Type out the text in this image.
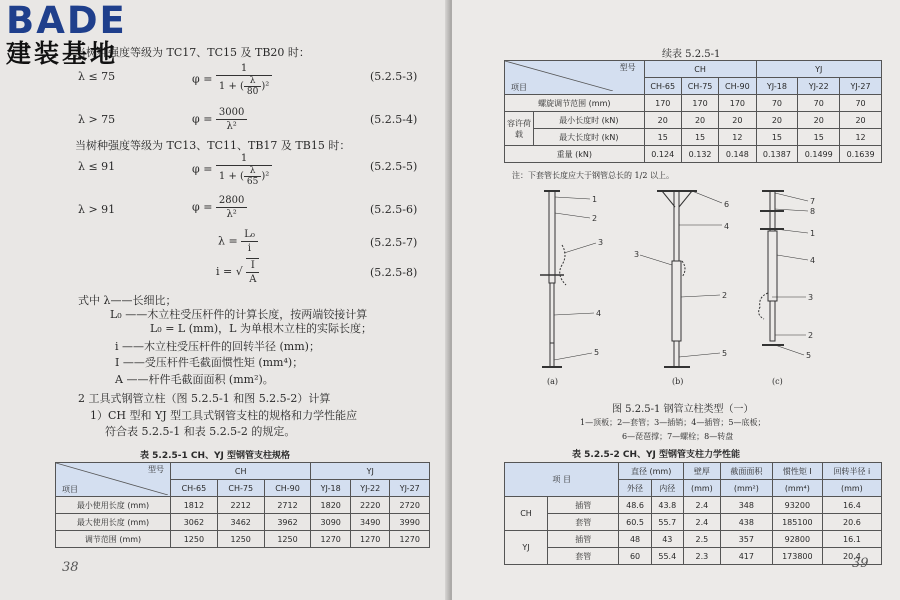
当树种强度等级为 TC17、TC15 及 TB20 时：
λ ≤ 75	$\varphi = \frac{1}{1 + ( \frac{\lambda}{80} )^2}$	(5.2.5-3)
λ > 75	$\varphi = \frac{3000}{\text{λ²}}$	(5.2.5-4)
当树种强度等级为 TC13、TC11、TB17 及 TB15 时：
λ ≤ 91	$\varphi = \frac{1}{1 + ( \frac{\lambda}{65} )^2}$	(5.2.5-5)
λ > 91	$\varphi = \frac{2800}{\text{λ²}}$	(5.2.5-6)
$\lambda = \frac{\text{L₀}}{i}$	(5.2.5-7)
i = √ $\frac{I}{A}$	(5.2.5-8)
式中 λ——长细比；
L₀ ——木立柱受压杆件的计算长度，按两端铰接计算
L₀ = L (mm)，L 为单根木立柱的实际长度；
i ——木立柱受压杆件的回转半径 (mm)；
I ——受压杆件毛截面惯性矩 (mm⁴)；
A ——杆件毛截面面积 (mm²)。
2 工具式钢管立柱（图 5.2.5-1 和图 5.2.5-2）计算
1）CH 型和 YJ 型工具式钢管支柱的规格和力学性能应
符合表 5.2.5-1 和表 5.2.5-2 的规定。
表 5.2.5-1 CH、YJ 型钢管支柱规格
型号
项目	CH			YJ		
	CH-65	CH-75	CH-90	YJ-18	YJ-22	YJ-27
最小使用长度 (mm)	1812	2212	2712	1820	2220	2720
最大使用长度 (mm)	3062	3462	3962	3090	3490	3990
调节范围 (mm)	1250	1250	1250	1270	1270	1270
38
续表 5.2.5-1
型号
项目		CH			YJ		
		CH-65	CH-75	CH-90	YJ-18	YJ-22	YJ-27
螺旋调节范围 (mm)		170	170	170	70	70	70
容许荷载	最小长度时 (kN)	20	20	20	20	20	20
	最大长度时 (kN)	15	15	12	15	15	12
重量 (kN)		0.124	0.132	0.148	0.1387	0.1499	0.1639
注：下套管长度应大于钢管总长的 1/2 以上。
1
2
3
4
5
6
4
3
2
5
7
8
1
4
3
2
5
(a)	(b)	(c)
图 5.2.5-1 钢管立柱类型（一）
1—顶板；2—套管；3—插销；4—插管；5—底板；
6—琵琶撑；7—螺栓；8—转盘
表 5.2.5-2 CH、YJ 型钢管支柱力学性能
项 目		直径 (mm)		壁厚	截面面积	惯性矩 I	回转半径 i
		外径	内径	(mm)	(mm²)	(mm⁴)	(mm)
CH	插管	48.6	43.8	2.4	348	93200	16.4
	套管	60.5	55.7	2.4	438	185100	20.6
YJ	插管	48	43	2.5	357	92800	16.1
	套管	60	55.4	2.3	417	173800	20.4
39
BADE
建装基地
